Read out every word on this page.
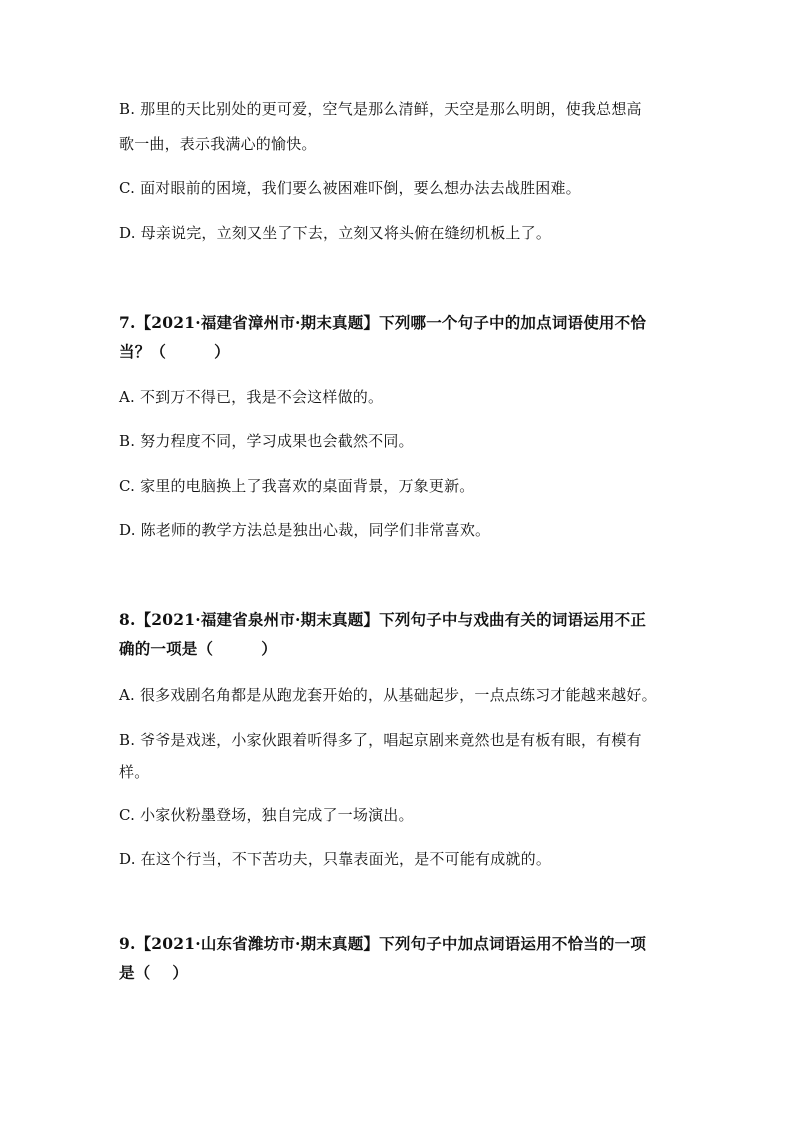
B. 那里的天比别处的更可爱，空气是那么清鲜，天空是那么明朗，使我总想高
歌一曲，表示我满心的愉快。
C. 面对眼前的困境，我们要么被困难吓倒，要么想办法去战胜困难。
D. 母亲说完，立刻又坐了下去，立刻又将头俯在缝纫机板上了。
7.【2021·福建省漳州市·期末真题】下列哪一个句子中的加点词语使用不恰
当？（	）
A. 不到万不得已，我是不会这样做的。
B. 努力程度不同，学习成果也会截然不同。
C. 家里的电脑换上了我喜欢的桌面背景，万象更新。
D. 陈老师的教学方法总是独出心裁，同学们非常喜欢。
8.【2021·福建省泉州市·期末真题】下列句子中与戏曲有关的词语运用不正
确的一项是（	）
A. 很多戏剧名角都是从跑龙套开始的，从基础起步，一点点练习才能越来越好。
B. 爷爷是戏迷，小家伙跟着听得多了，唱起京剧来竟然也是有板有眼，有模有
样。
C. 小家伙粉墨登场，独自完成了一场演出。
D. 在这个行当，不下苦功夫，只靠表面光，是不可能有成就的。
9.【2021·山东省潍坊市·期末真题】下列句子中加点词语运用不恰当的一项
是（ ）
